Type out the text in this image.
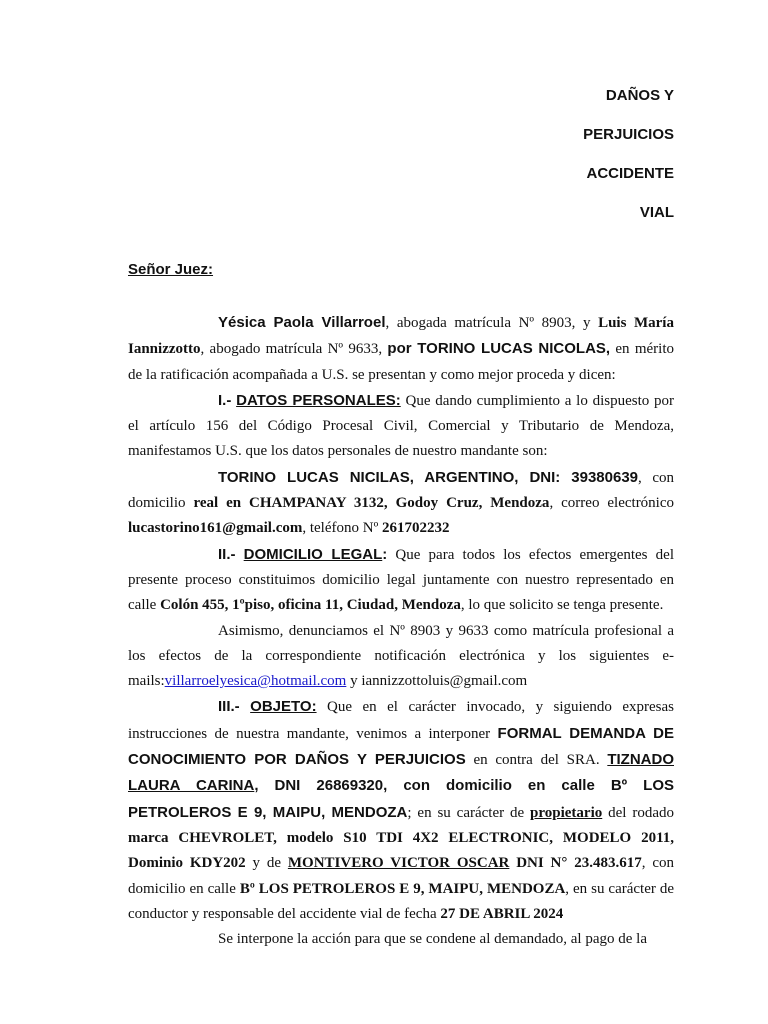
DAÑOS Y
PERJUICIOS
ACCIDENTE
VIAL
Señor Juez:

Yésica Paola Villarroel, abogada matrícula Nº 8903, y Luis María Iannizzotto, abogado matrícula Nº 9633, por TORINO LUCAS NICOLAS, en mérito de la ratificación acompañada a U.S. se presentan y como mejor proceda y dicen:

I.- DATOS PERSONALES: Que dando cumplimiento a lo dispuesto por el artículo 156 del Código Procesal Civil, Comercial y Tributario de Mendoza, manifestamos U.S. que los datos personales de nuestro mandante son:

TORINO LUCAS NICILAS, ARGENTINO, DNI: 39380639, con domicilio real en CHAMPANAY 3132, Godoy Cruz, Mendoza, correo electrónico lucastorino161@gmail.com, teléfono Nº 261702232

II.- DOMICILIO LEGAL: Que para todos los efectos emergentes del presente proceso constituimos domicilio legal juntamente con nuestro representado en calle Colón 455, 1ºpiso, oficina 11, Ciudad, Mendoza, lo que solicito se tenga presente.

Asimismo, denunciamos el Nº 8903 y 9633 como matrícula profesional a los efectos de la correspondiente notificación electrónica y los siguientes e-mails:villarroelyesica@hotmail.com y iannizzottoluis@gmail.com

III.- OBJETO: Que en el carácter invocado, y siguiendo expresas instrucciones de nuestra mandante, venimos a interponer FORMAL DEMANDA DE CONOCIMIENTO POR DAÑOS Y PERJUICIOS en contra del SRA. TIZNADO LAURA CARINA, DNI 26869320, con domicilio en calle Bº LOS PETROLEROS E 9, MAIPU, MENDOZA; en su carácter de propietario del rodado marca CHEVROLET, modelo S10 TDI 4X2 ELECTRONIC, MODELO 2011, Dominio KDY202 y de MONTIVERO VICTOR OSCAR DNI N° 23.483.617, con domicilio en calle Bº LOS PETROLEROS E 9, MAIPU, MENDOZA, en su carácter de conductor y responsable del accidente vial de fecha 27 DE ABRIL 2024

Se interpone la acción para que se condene al demandado, al pago de la
